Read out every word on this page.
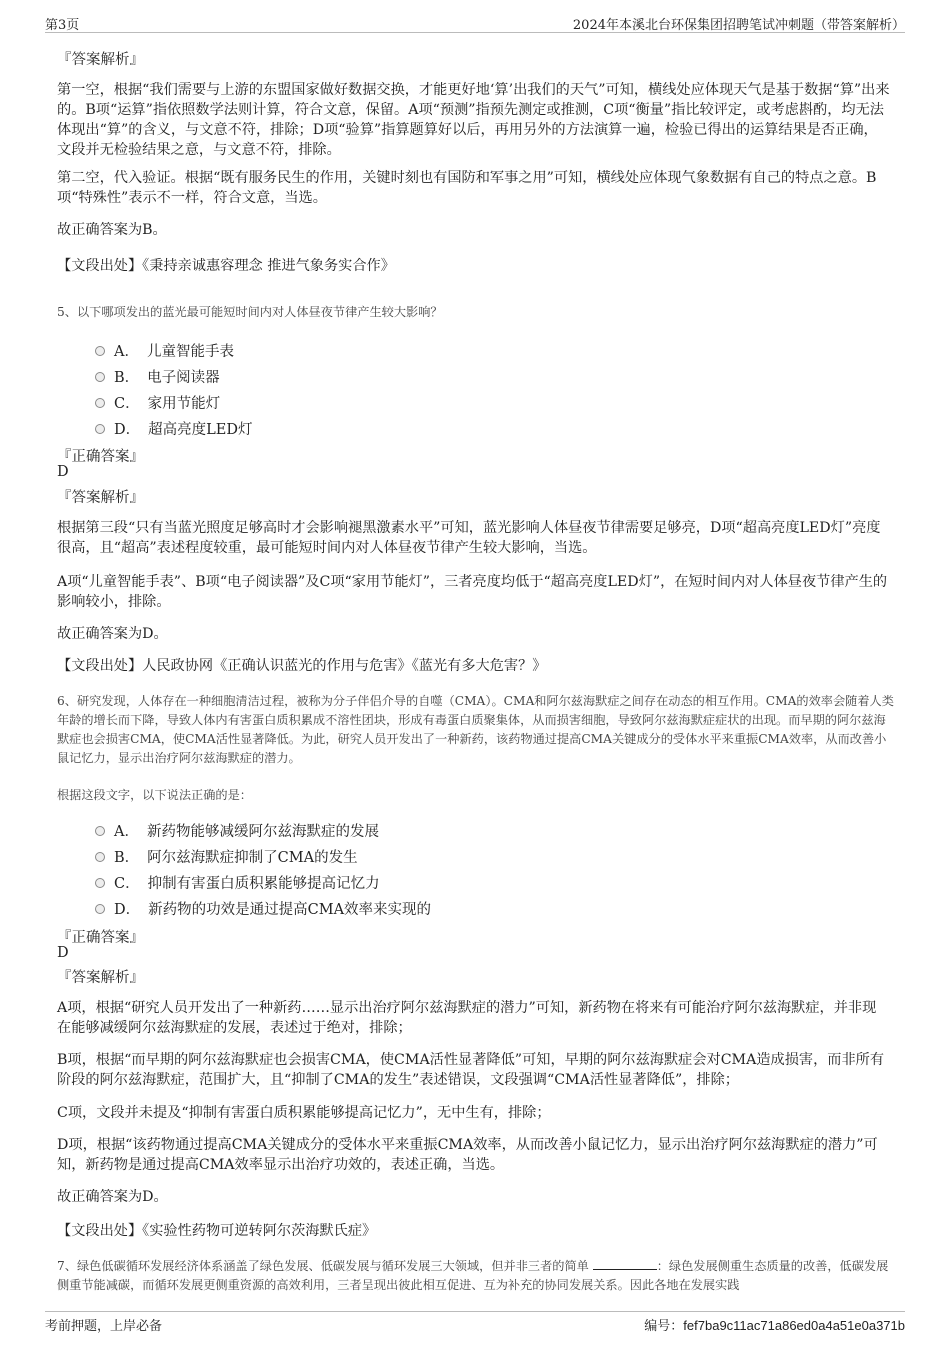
第3页	2024年本溪北台环保集团招聘笔试冲刺题（带答案解析）
『答案解析』
第一空，根据“我们需要与上游的东盟国家做好数据交换，才能更好地‘算’出我们的天气”可知，横线处应体现天气是基于数据“算”出来的。B项“运算”指依照数学法则计算，符合文意，保留。A项“预测”指预先测定或推测，C项“衡量”指比较评定，或考虑斟酌，均无法体现出“算”的含义，与文意不符，排除；D项“验算”指算题算好以后，再用另外的方法演算一遍，检验已得出的运算结果是否正确，文段并无检验结果之意，与文意不符，排除。
第二空，代入验证。根据“既有服务民生的作用，关键时刻也有国防和军事之用”可知，横线处应体现气象数据有自己的特点之意。B项“特殊性”表示不一样，符合文意，当选。
故正确答案为B。
【文段出处】《秉持亲诚惠容理念 推进气象务实合作》
5、以下哪项发出的蓝光最可能短时间内对人体昼夜节律产生较大影响？
A． 儿童智能手表
B． 电子阅读器
C． 家用节能灯
D． 超高亮度LED灯
『正确答案』
D
『答案解析』
根据第三段“只有当蓝光照度足够高时才会影响褪黑激素水平”可知，蓝光影响人体昼夜节律需要足够亮，D项“超高亮度LED灯”亮度很高，且“超高”表述程度较重，最可能短时间内对人体昼夜节律产生较大影响，当选。
A项“儿童智能手表”、B项“电子阅读器”及C项“家用节能灯”，三者亮度均低于“超高亮度LED灯”，在短时间内对人体昼夜节律产生的影响较小，排除。
故正确答案为D。
【文段出处】人民政协网《正确认识蓝光的作用与危害》《蓝光有多大危害？》
6、研究发现，人体存在一种细胞清洁过程，被称为分子伴侣介导的自噬（CMA）。CMA和阿尔兹海默症之间存在动态的相互作用。CMA的效率会随着人类年龄的增长而下降，导致人体内有害蛋白质积累成不溶性团块，形成有毒蛋白质聚集体，从而损害细胞，导致阿尔兹海默症症状的出现。而早期的阿尔兹海默症也会损害CMA，使CMA活性显著降低。为此，研究人员开发出了一种新药，该药物通过提高CMA关键成分的受体水平来重振CMA效率，从而改善小鼠记忆力，显示出治疗阿尔兹海默症的潜力。
根据这段文字，以下说法正确的是：
A． 新药物能够减缓阿尔兹海默症的发展
B． 阿尔兹海默症抑制了CMA的发生
C． 抑制有害蛋白质积累能够提高记忆力
D． 新药物的功效是通过提高CMA效率来实现的
『正确答案』
D
『答案解析』
A项，根据“研究人员开发出了一种新药……显示出治疗阿尔兹海默症的潜力”可知，新药物在将来有可能治疗阿尔兹海默症，并非现在能够减缓阿尔兹海默症的发展，表述过于绝对，排除；
B项，根据“而早期的阿尔兹海默症也会损害CMA，使CMA活性显著降低”可知，早期的阿尔兹海默症会对CMA造成损害，而非所有阶段的阿尔兹海默症，范围扩大，且“抑制了CMA的发生”表述错误，文段强调“CMA活性显著降低”，排除；
C项，文段并未提及“抑制有害蛋白质积累能够提高记忆力”，无中生有，排除；
D项，根据“该药物通过提高CMA关键成分的受体水平来重振CMA效率，从而改善小鼠记忆力，显示出治疗阿尔兹海默症的潜力”可知，新药物是通过提高CMA效率显示出治疗功效的，表述正确，当选。
故正确答案为D。
【文段出处】《实验性药物可逆转阿尔茨海默氏症》
7、绿色低碳循环发展经济体系涵盖了绿色发展、低碳发展与循环发展三大领域，但并非三者的简单	：绿色发展侧重生态质量的改善，低碳发展侧重节能减碳，而循环发展更侧重资源的高效利用，三者呈现出彼此相互促进、互为补充的协同发展关系。因此各地在发展实践
考前押题，上岸必备	编号：fef7ba9c11ac71a86ed0a4a51e0a371b
